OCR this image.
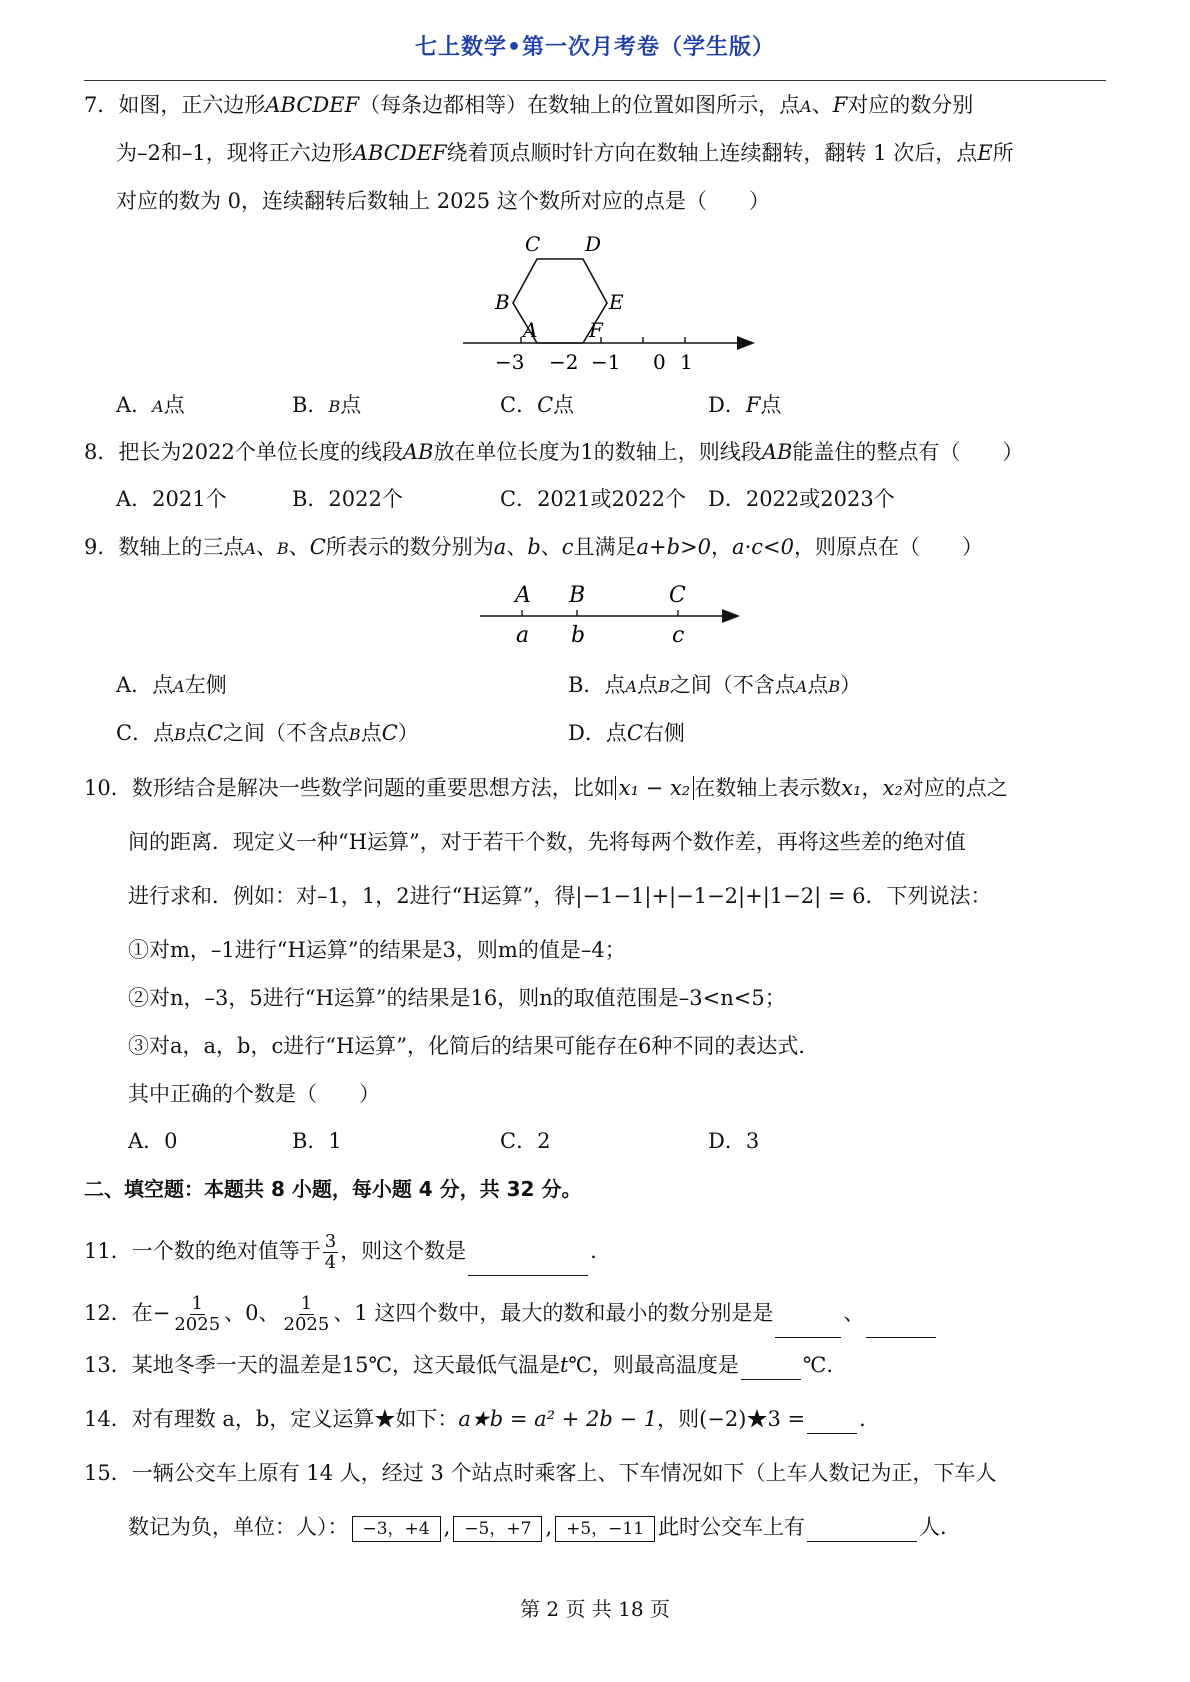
七上数学•第一次月考卷（学生版）
7．如图，正六边形ABCDEF（每条边都相等）在数轴上的位置如图所示，点A、F对应的数分别
为–2和–1，现将正六边形ABCDEF绕着顶点顺时针方向在数轴上连续翻转，翻转 1 次后，点E所
对应的数为 0，连续翻转后数轴上 2025 这个数所对应的点是（　　）
C D
B	E
A	F
−3 −2 −1 0 1
A．A点	B．B点	C．C点	D．F点
8．把长为2022个单位长度的线段AB放在单位长度为1的数轴上，则线段AB能盖住的整点有（　　）
A．2021个	B．2022个	C．2021或2022个 D．2022或2023个
9．数轴上的三点A、B、C所表示的数分别为a、b、c且满足a+b>0，a·c<0，则原点在（　　）
A B	C
a b	c
A．点A左侧	B．点A点B之间（不含点A点B）
C．点B点C之间（不含点B点C）	D．点C右侧
10．数形结合是解决一些数学问题的重要思想方法，比如 x₁ − x₂ 在数轴上表示数x₁，x₂对应的点之
间的距离．现定义一种“H运算”，对于若干个数，先将每两个数作差，再将这些差的绝对值
进行求和．例如：对–1，1，2进行“H运算”，得|−1−1|+|−1−2|+|1−2| = 6．下列说法：
①对m，–1进行“H运算”的结果是3，则m的值是–4；
②对n，–3，5进行“H运算”的结果是16，则n的取值范围是–3<n<5；
③对a，a，b，c进行“H运算”，化简后的结果可能存在6种不同的表达式．
其中正确的个数是（　　）
A．0	B．1	C．2	D．3
二、填空题：本题共 8 小题，每小题 4 分，共 32 分。
11．一个数的绝对值等于 $\frac{3}{4}$ ，则这个数是	．
12．在− $\frac{1}{2025}$ 、0、 $\frac{1}{2025}$ 、1 这四个数中，最大的数和最小的数分别是是	、
13．某地冬季一天的温差是15℃，这天最低气温是t℃，则最高温度是	℃．
14．对有理数 a，b，定义运算★如下：a★b = a² + 2b − 1，则(−2)★3 =	．
15．一辆公交车上原有 14 人，经过 3 个站点时乘客上、下车情况如下（上车人数记为正，下车人
数记为负，单位：人）： −3，+4 , −5，+7 , +5，−11 此时公交车上有	人．
第 2 页 共 18 页
